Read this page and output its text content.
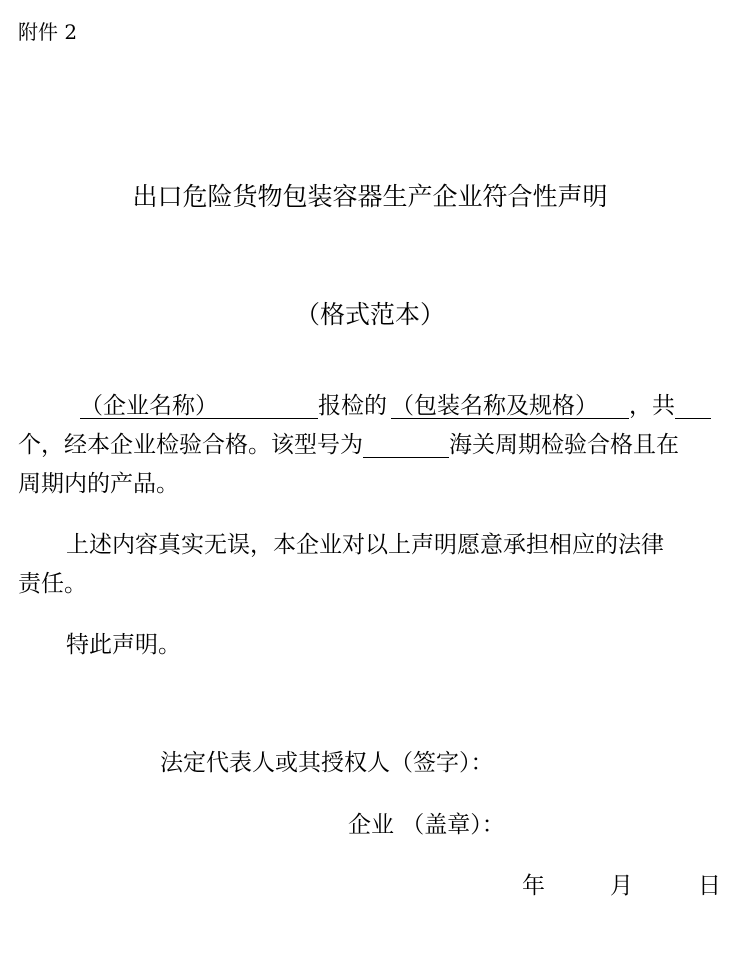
附件 2
出口危险货物包装容器生产企业符合性声明
（格式范本）
（企业名称）	报检的 （包装名称及规格） ，共
个，经本企业检验合格。该型号为	海关周期检验合格且在
周期内的产品。
上述内容真实无误，本企业对以上声明愿意承担相应的法律
责任。
特此声明。
法定代表人或其授权人（签字）：
企业 （盖章）：
年	月	日
